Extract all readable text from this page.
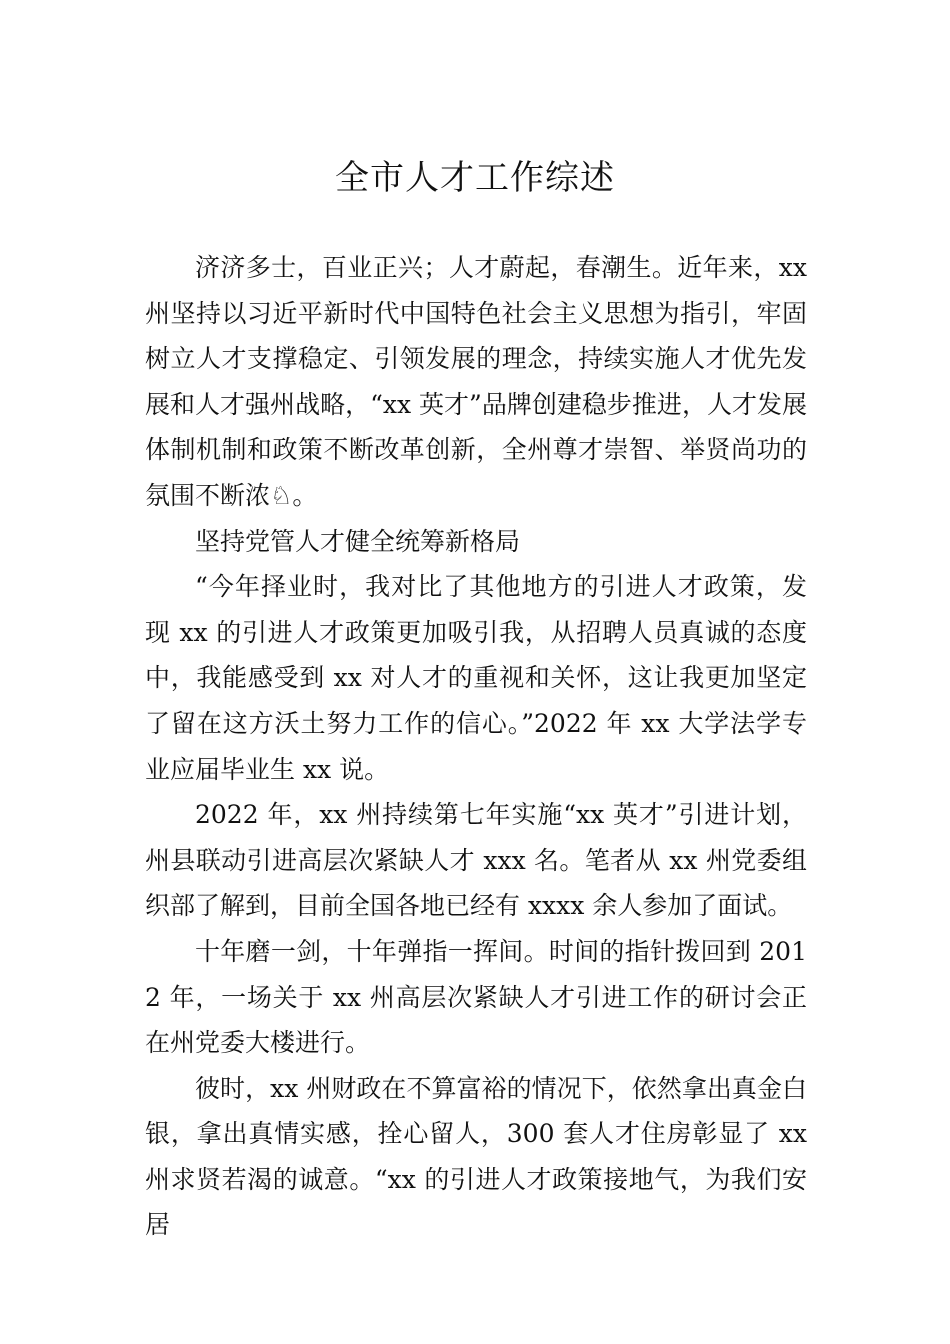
全市人才工作综述

济济多士，百业正兴；人才蔚起，春潮生。近年来，xx州坚持以习近平新时代中国特色社会主义思想为指引，牢固树立人才支撑稳定、引领发展的理念，持续实施人才优先发展和人才强州战略，“xx 英才”品牌创建稳步推进，人才发展体制机制和政策不断改革创新，全州尊才崇智、举贤尚功的氛围不断浓♘。

坚持党管人才健全统筹新格局

“今年择业时，我对比了其他地方的引进人才政策，发现 xx 的引进人才政策更加吸引我，从招聘人员真诚的态度中，我能感受到 xx 对人才的重视和关怀，这让我更加坚定了留在这方沃土努力工作的信心。”2022 年 xx 大学法学专业应届毕业生 xx 说。

2022 年，xx 州持续第七年实施“xx 英才”引进计划，州县联动引进高层次紧缺人才 xxx 名。笔者从 xx 州党委组织部了解到，目前全国各地已经有 xxxx 余人参加了面试。

十年磨一剑，十年弹指一挥间。时间的指针拨回到 2012 年，一场关于 xx 州高层次紧缺人才引进工作的研讨会正在州党委大楼进行。

彼时，xx 州财政在不算富裕的情况下，依然拿出真金白银，拿出真情实感，拴心留人，300 套人才住房彰显了 xx 州求贤若渴的诚意。“xx 的引进人才政策接地气，为我们安居
